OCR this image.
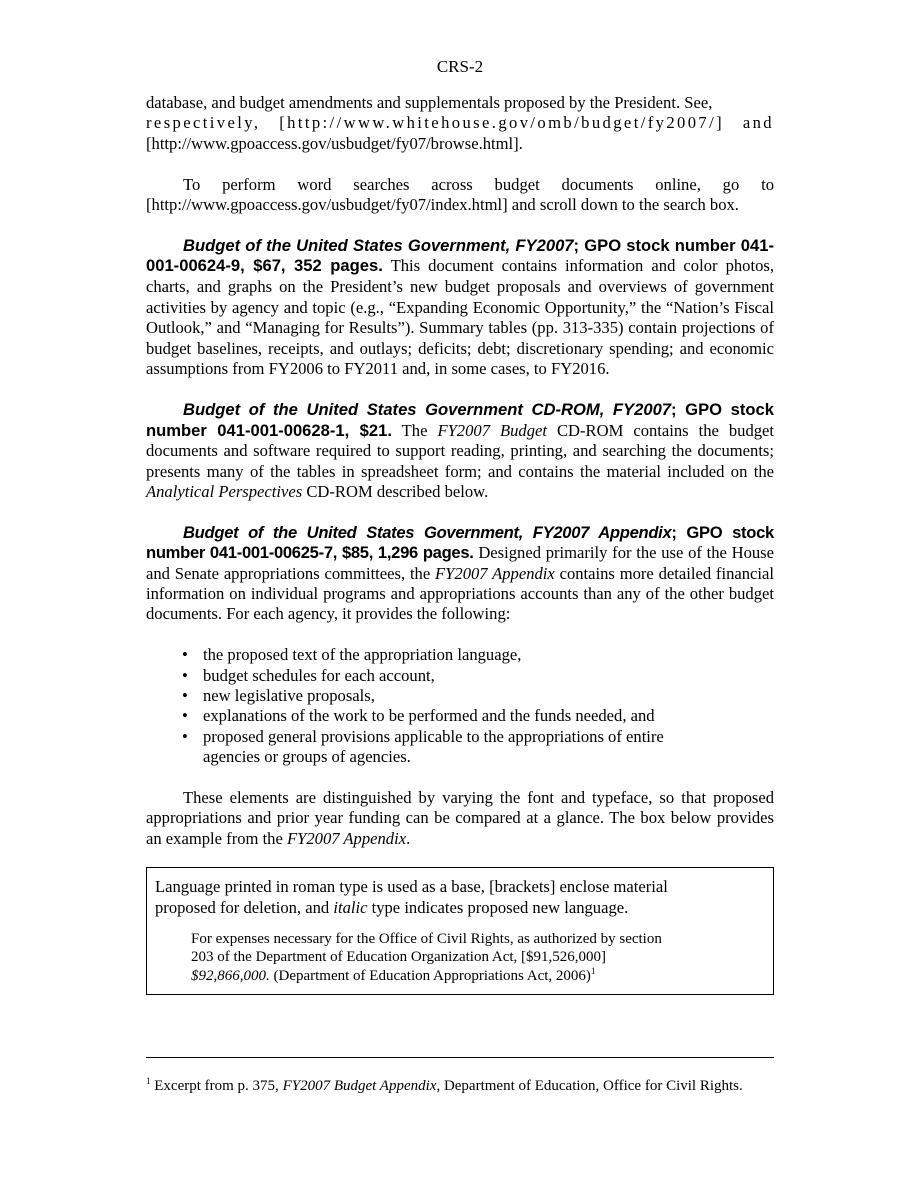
CRS-2

database, and budget amendments and supplementals proposed by the President. See,
respectively, [http://www.whitehouse.gov/omb/budget/fy2007/] and
[http://www.gpoaccess.gov/usbudget/fy07/browse.html].

To perform word searches across budget documents online, go to [http://www.gpoaccess.gov/usbudget/fy07/index.html] and scroll down to the search box.

Budget of the United States Government, FY2007; GPO stock number 041-001-00624-9, $67, 352 pages. This document contains information and color photos, charts, and graphs on the President’s new budget proposals and overviews of government activities by agency and topic (e.g., “Expanding Economic Opportunity,” the “Nation’s Fiscal Outlook,” and “Managing for Results”). Summary tables (pp. 313-335) contain projections of budget baselines, receipts, and outlays; deficits; debt; discretionary spending; and economic assumptions from FY2006 to FY2011 and, in some cases, to FY2016.

Budget of the United States Government CD-ROM, FY2007; GPO stock number 041-001-00628-1, $21. The FY2007 Budget CD-ROM contains the budget documents and software required to support reading, printing, and searching the documents; presents many of the tables in spreadsheet form; and contains the material included on the Analytical Perspectives CD-ROM described below.

Budget of the United States Government, FY2007 Appendix; GPO stock number 041-001-00625-7, $85, 1,296 pages. Designed primarily for the use of the House and Senate appropriations committees, the FY2007 Appendix contains more detailed financial information on individual programs and appropriations accounts than any of the other budget documents. For each agency, it provides the following:

• the proposed text of the appropriation language,
• budget schedules for each account,
• new legislative proposals,
• explanations of the work to be performed and the funds needed, and
• proposed general provisions applicable to the appropriations of entire agencies or groups of agencies.

These elements are distinguished by varying the font and typeface, so that proposed appropriations and prior year funding can be compared at a glance. The box below provides an example from the FY2007 Appendix.

Language printed in roman type is used as a base, [brackets] enclose material proposed for deletion, and italic type indicates proposed new language.

For expenses necessary for the Office of Civil Rights, as authorized by section
203 of the Department of Education Organization Act, [$91,526,000]
$92,866,000. (Department of Education Appropriations Act, 2006)$^1$
$^1$ Excerpt from p. 375, FY2007 Budget Appendix, Department of Education, Office for Civil Rights.
